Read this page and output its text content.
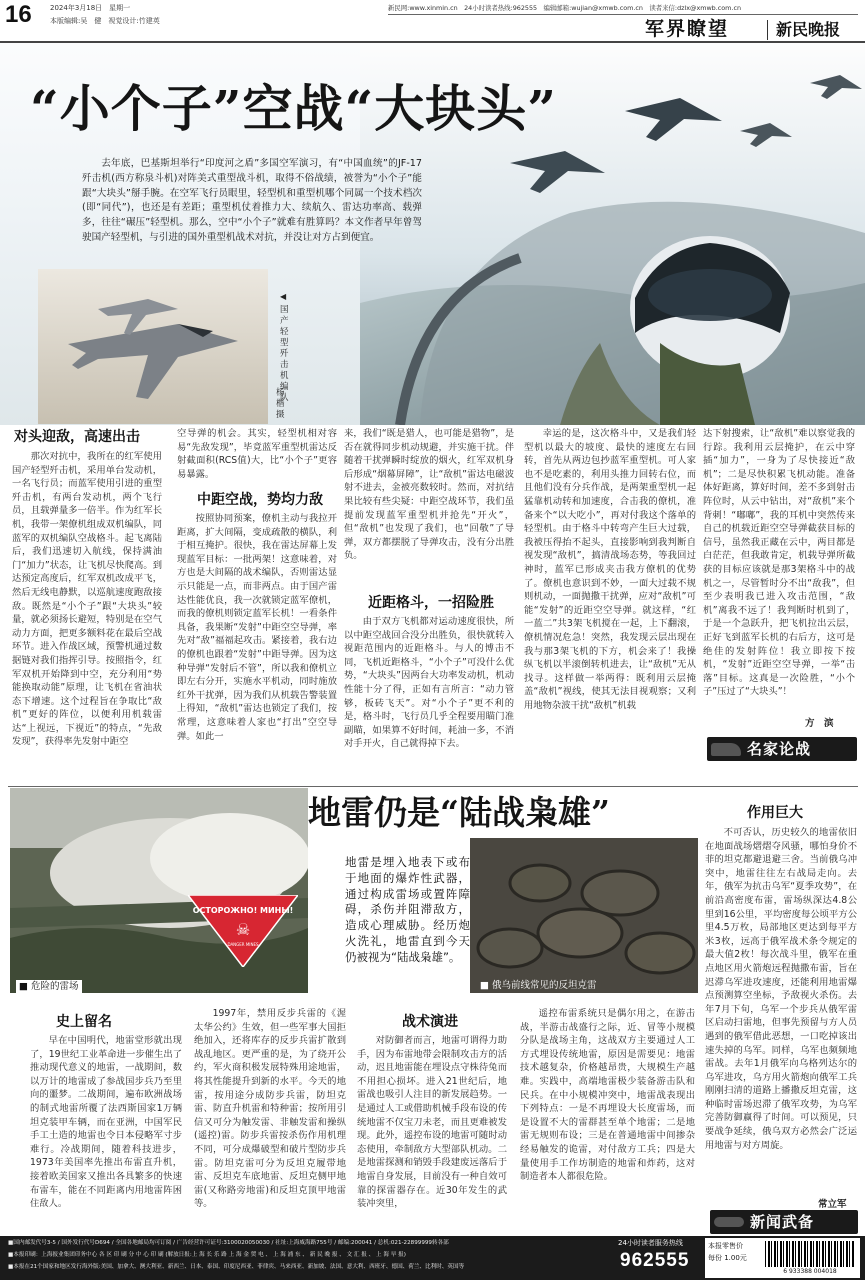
16	2024年3月18日　星期一
本版编辑:吴　健　视觉设计:竹建英
新民网:www.xinmin.cn　24小时读者热线:962555　编辑邮箱:wujian@xmwb.com.cn　读者来信:dzlx@xmwb.com.cn
军界瞭望	新民晚报
“小个子”空战“大块头”
去年底，巴基斯坦举行“印度河之盾”多国空军演习，有“中国血统”的JF-17歼击机(西方称泉斗机)对阵美式重型战斗机，取得不俗战绩，被誉为“小个子”能跟“大块头”掰手腕。在空军飞行员眼里，轻型机和重型机哪个同属一个技术档次(即“同代”)，也还是有差距；重型机仗着推力大、续航久、雷达功率高、载弹多，往往“碾压”轻型机。那么，空中“小个子”就难有胜算吗？本文作者早年曾驾驶国产轻型机，与引进的国外重型机战术对抗，并没让对方占到便宜。
◀
国产轻型歼击机编队
杨　楷　摄
对头迎敌，高速出击

那次对抗中，我所在的红军使用国产轻型歼击机，采用单台发动机，一名飞行员；而蓝军使用引进的重型歼击机，有两台发动机，两个飞行员，且载弹量多一倍半。作为红军长机，我带一架僚机组成双机编队，同蓝军的双机编队空战格斗。起飞离陆后，我们迅速切入航线，保持满油门“加力”状态，让飞机尽快爬高。到达预定高度后，红军双机改成平飞，然后无线电静默，以巡航速度跑敌接敌。既然是“小个子”跟“大块头”较量，就必须扬长避短，特别是在空气动力方面，把更多额料花在最后空战环节。进入作战区域，预警机通过数据链对我们指挥引导。按照指令，红军双机开始降到中空，充分利用“势能换取动能”原理，让飞机在省油状态下增速。这个过程旨在争取比“敌机”更好的阵位，以便利用机载雷达“上视远，下视近”的特点，“先敌发现”，获得率先发射中距空

空导弹的机会。其实，轻型机相对容易“先敌发现”，毕竟蓝军重型机雷达反射截面积(RCS值)大，比“小个子”更容易暴露。

中距空战，势均力敌

按照协同预案，僚机主动与我拉开距离，扩大间隔，变成疏散的横队，利于相互掩护。很快，我在雷达屏幕上发现蓝军目标：一批两架！这意味着，对方也是大间隔的战术编队，否则雷达显示只能是一点，而非两点。由于国产雷达性能优良，我一次就锁定蓝军僚机，而我的僚机则锁定蓝军长机！一看条件具备，我果断“发射”中距空空导弹，率先对“敌”福福起攻击。紧接着，我右边的僚机也跟着“发射”中距导弹。因为这种导弹“发射后不管”，所以我和僚机立即左右分开，实施水平机动，同时施放红外干扰弹，因为我们从机载告警装置上得知，“敌机”雷达也锁定了我们，按常理，这意味着人家也“打出”空空导弹。如此一

来，我们“既是猎人，也可能是猎物”，是否在就得同步机动规避，并实施干扰。伴随着干扰弹瞬时绽放的烟火，红军双机身后形成“烟幕屏障”，让“敌机”雷达电磁波射不进去，金被亮数较时。然而，对抗结果比较有些尖疑：中距空战环节，我们虽提前发现蓝军重型机并抢先“开火”，但“敌机”也发现了我们，也“回敬”了导弹，双方都摆脱了导弹攻击，没有分出胜负。

近距格斗，一招险胜

由于双方飞机都对运动速度很快，所以中距空战回合没分出胜负，很快就转入视距范围内的近距格斗。与人的博击不同，飞机近距格斗，“小个子”可没什么优势，“大块头”因两台大功率发动机，机动性能十分了得，正如有言所言：“动力管够，板砖飞天”。对“小个子”更不利的是，格斗时，飞行员几乎全程要用瞄门准副瞄，如果算不好时间，耗油一多，不消对手开火，自己就得掉下去。

幸运的是，这次格斗中，又是我们轻型机以最大的坡度、最快的速度左右回转，首先从两边包抄蓝军重型机。可人家也不是吃素的，利用头推力回转右位，而且他们没有分兵作战，是两架重型机一起猛靠机动转和加速度，合击我的僚机，准备来个“以大吃小”，再对付我这个落单的轻型机。由于格斗中转弯产生巨大过载，我被压得抬不起头，直接影响到我判断自视发现“敌机”，搞清战场态势，等我回过神时，蓝军已形成夹击我方僚机的优势了。僚机也意识到不妙，一面大过载不规则机动，一面抛撒干扰弹，应对“敌机”可能“发射”的近距空空导弹。就这样，“红一蓝二”共3架飞机搅在一起，上下翻滚，僚机情况危急！突然，我发现云层出现在我与那3架飞机的下方，机会来了！我操纵飞机以半滚倒转机进去，让“敌机”无从找寻。这样做一举两得：既利用云层掩盖“敌机”视线，使其无法目视观察；又利用地物杂波干扰“敌机”机载

达下射搜索，让“敌机”难以察觉我的行踪。我利用云层掩护，在云中穿插“加力”，一身为了尽快接近“敌机”；二是尽快积累飞机动能。准备体好距离，算好时间，差不多到射击阵位时，从云中钻出，对“敌机”来个背刺！“嘟嘟”，我的耳机中突然传来自己的机载近距空空导弹截获目标的信号，虽然我正藏在云中，两目都是白茫茫，但我敢肯定，机载导弹所截获的目标应该就是那3架格斗中的战机之一，尽管暂时分不出“敌我”，但至少表明我已进入攻击范围，“敌机”离我不远了！我判断时机到了，于是一个急跃升，把飞机拉出云层，正好飞到蓝军长机的右后方，这可是绝佳的发射阵位！我立即按下按机，“发射”近距空空导弹，一举“击落”目标。这真是一次险胜，“小个子”压过了“大块头”！

方　滨
名家论战
ОСТОРОЖНО! МИНЫ!
☠
DANGER MINES
■ 危险的雷场
地雷仍是“陆战枭雄”
地雷是埋入地表下或布于地面的爆炸性武器，通过构成雷场或置阵障碍，杀伤并阻滞敌方，造成心理威胁。经历炮火洗礼，地雷直到今天仍被视为“陆战枭雄”。
■ 俄乌前线常见的反坦克雷
史上留名

早在中国明代，地雷堂形就出现了，19世纪工业革命进一步催生出了推动现代意义的地雷，一战期间，数以万计的地雷成了参战国步兵乃至里向的噩梦。二战期间，遍布欧洲战场的制式地雷所覆了法西斯国家1万辆坦克装甲车辆，而在亚洲，中国军民手工土造的地雷也令日本侵略军寸步难行。冷战期间，随着科技进步，1973年美国率先推出布雷直升机，接着欧美国家又推出各具繁多的快速布雷车，能在不同距离内用地雷阵困住敌人。

1997年，禁用反步兵雷的《渥太华公约》生效，但一些军事大国拒绝加入，还将库存的反步兵雷扩散到战乱地区。更严重的是，为了绕开公约，军火商积极发展特殊用途地雷，将其性能提升到新的水平。今天的地雷，按用途分成防步兵雷，防坦克雷、防直升机雷和特种雷；按所用引信又可分为触发雷、非触发雷和操纵(遥控)雷。防步兵雷按杀伤作用机理不同，可分成爆破型和破片型防步兵雷。防坦克雷可分为反坦克履带地雷、反坦克车底地雷、反坦克侧甲地雷(又称路旁地雷)和反坦克顶甲地雷等。

战术演进

对防御者而言，地雷可谓得力助手，因为布雷地带会限制攻击方的活动，迟且地雷能在埋设点守株待兔而不用担心损坏。进入21世纪后，地雷战也吸引人注目的新发展趋势。一是通过人工或借助机械手段布设的传统地雷不仅宝刀未老，而且更难被发现。此外，遥控布设的地雷可随时动态使用，牵制敌方大型部队机动。二是地雷探测和销毁手段建废远落后于地雷自身发展，目前没有一种自效可靠的探雷器存在。近30年发生的武装冲突里，

遥控布雷系统只是偶尔用之，在游击战，半游击战盛行之际，近、冒等小规模分队是战场主角，这战双方主要通过人工方式埋设传统地雷，原因是需要见：地雷技术越复杂，价格越昂贵，大规模生产越难。实践中，高端地雷极少装备游击队和民兵。在中小规模冲突中，地雷战表现出下列特点：一是不再埋设大长度雷场，而是设置不大的雷群甚至单个地雷；二是地雷无规则布设；三是在普通地雷中间掺杂经易触发的诡雷，对付敌方工兵；四是大量使用手工作坊制造的地雷和炸药，这对制造者本人都很危险。

作用巨大

不可否认，历史较久的地雷依旧在地面战场熠熠夺风骚，哪怕身价不菲的坦克都避退避三舍。当前俄乌冲突中，地雷往往左右战局走向。去年，俄军为抗击乌军“夏季攻势”，在前沿高密度布雷，雷场纵深达4.8公里到16公里，平均密度每公顷平方公里4.5万枚，局部地区更达到每平方米3枚，远高于俄军战术条令规定的最大值2枚！每次战斗里，俄军在重点地区用火箭炮远程抛撒布雷，旨在迟滞乌军进攻速度，还能利用地雷爆点预测算空坐标，予敌视火杀伤。去年7月下旬，乌军一个步兵从俄军雷区启动扫雷地，但事先预留与方人员遇到的俄军借此恶想，一口吃掉该出速失掉的乌军。同样，乌军也频频地雷战。去年1月俄军向乌格列达尔的乌军进攻，乌方用火箭炮向俄军工兵刚刚扫清的道路上播撒反坦克雷，这种临时雷场迟滞了俄军攻势，为乌军完善防御赢得了时间。可以预见，只要战争延续，俄乌双方必然会广泛运用地雷与对方周旋。

常立军
新闻武备
■国内邮发代号3-5 / 国外发行代号D694 / 全国各地邮局均可订阅 / 广告经营许可证号:3100020050030 / 社址:上海威海路755号 / 邮编:200041 / 总机:021-22899999转各部
■本报印刷：上海报业集团印务中心 各 区 印 刷 分 中 心 印 刷 (解放日报:上 海 长 乐 路 上 海 金 贸 电 、 上 海 浦 东 、 新 民 晚 报 、 文 汇 报 、 上 海 早 报)
■本报在21个国家和地区发行海外版:美国、加拿大、澳大利亚、新西兰、日本、泰国、印度尼西亚、菲律宾、马来西亚、新加坡、法国、意大利、西班牙、德国、荷兰、比利时、英国等
24小时读者服务热线
962555
本报零售价
每份 1.00元
6 933388 004018
